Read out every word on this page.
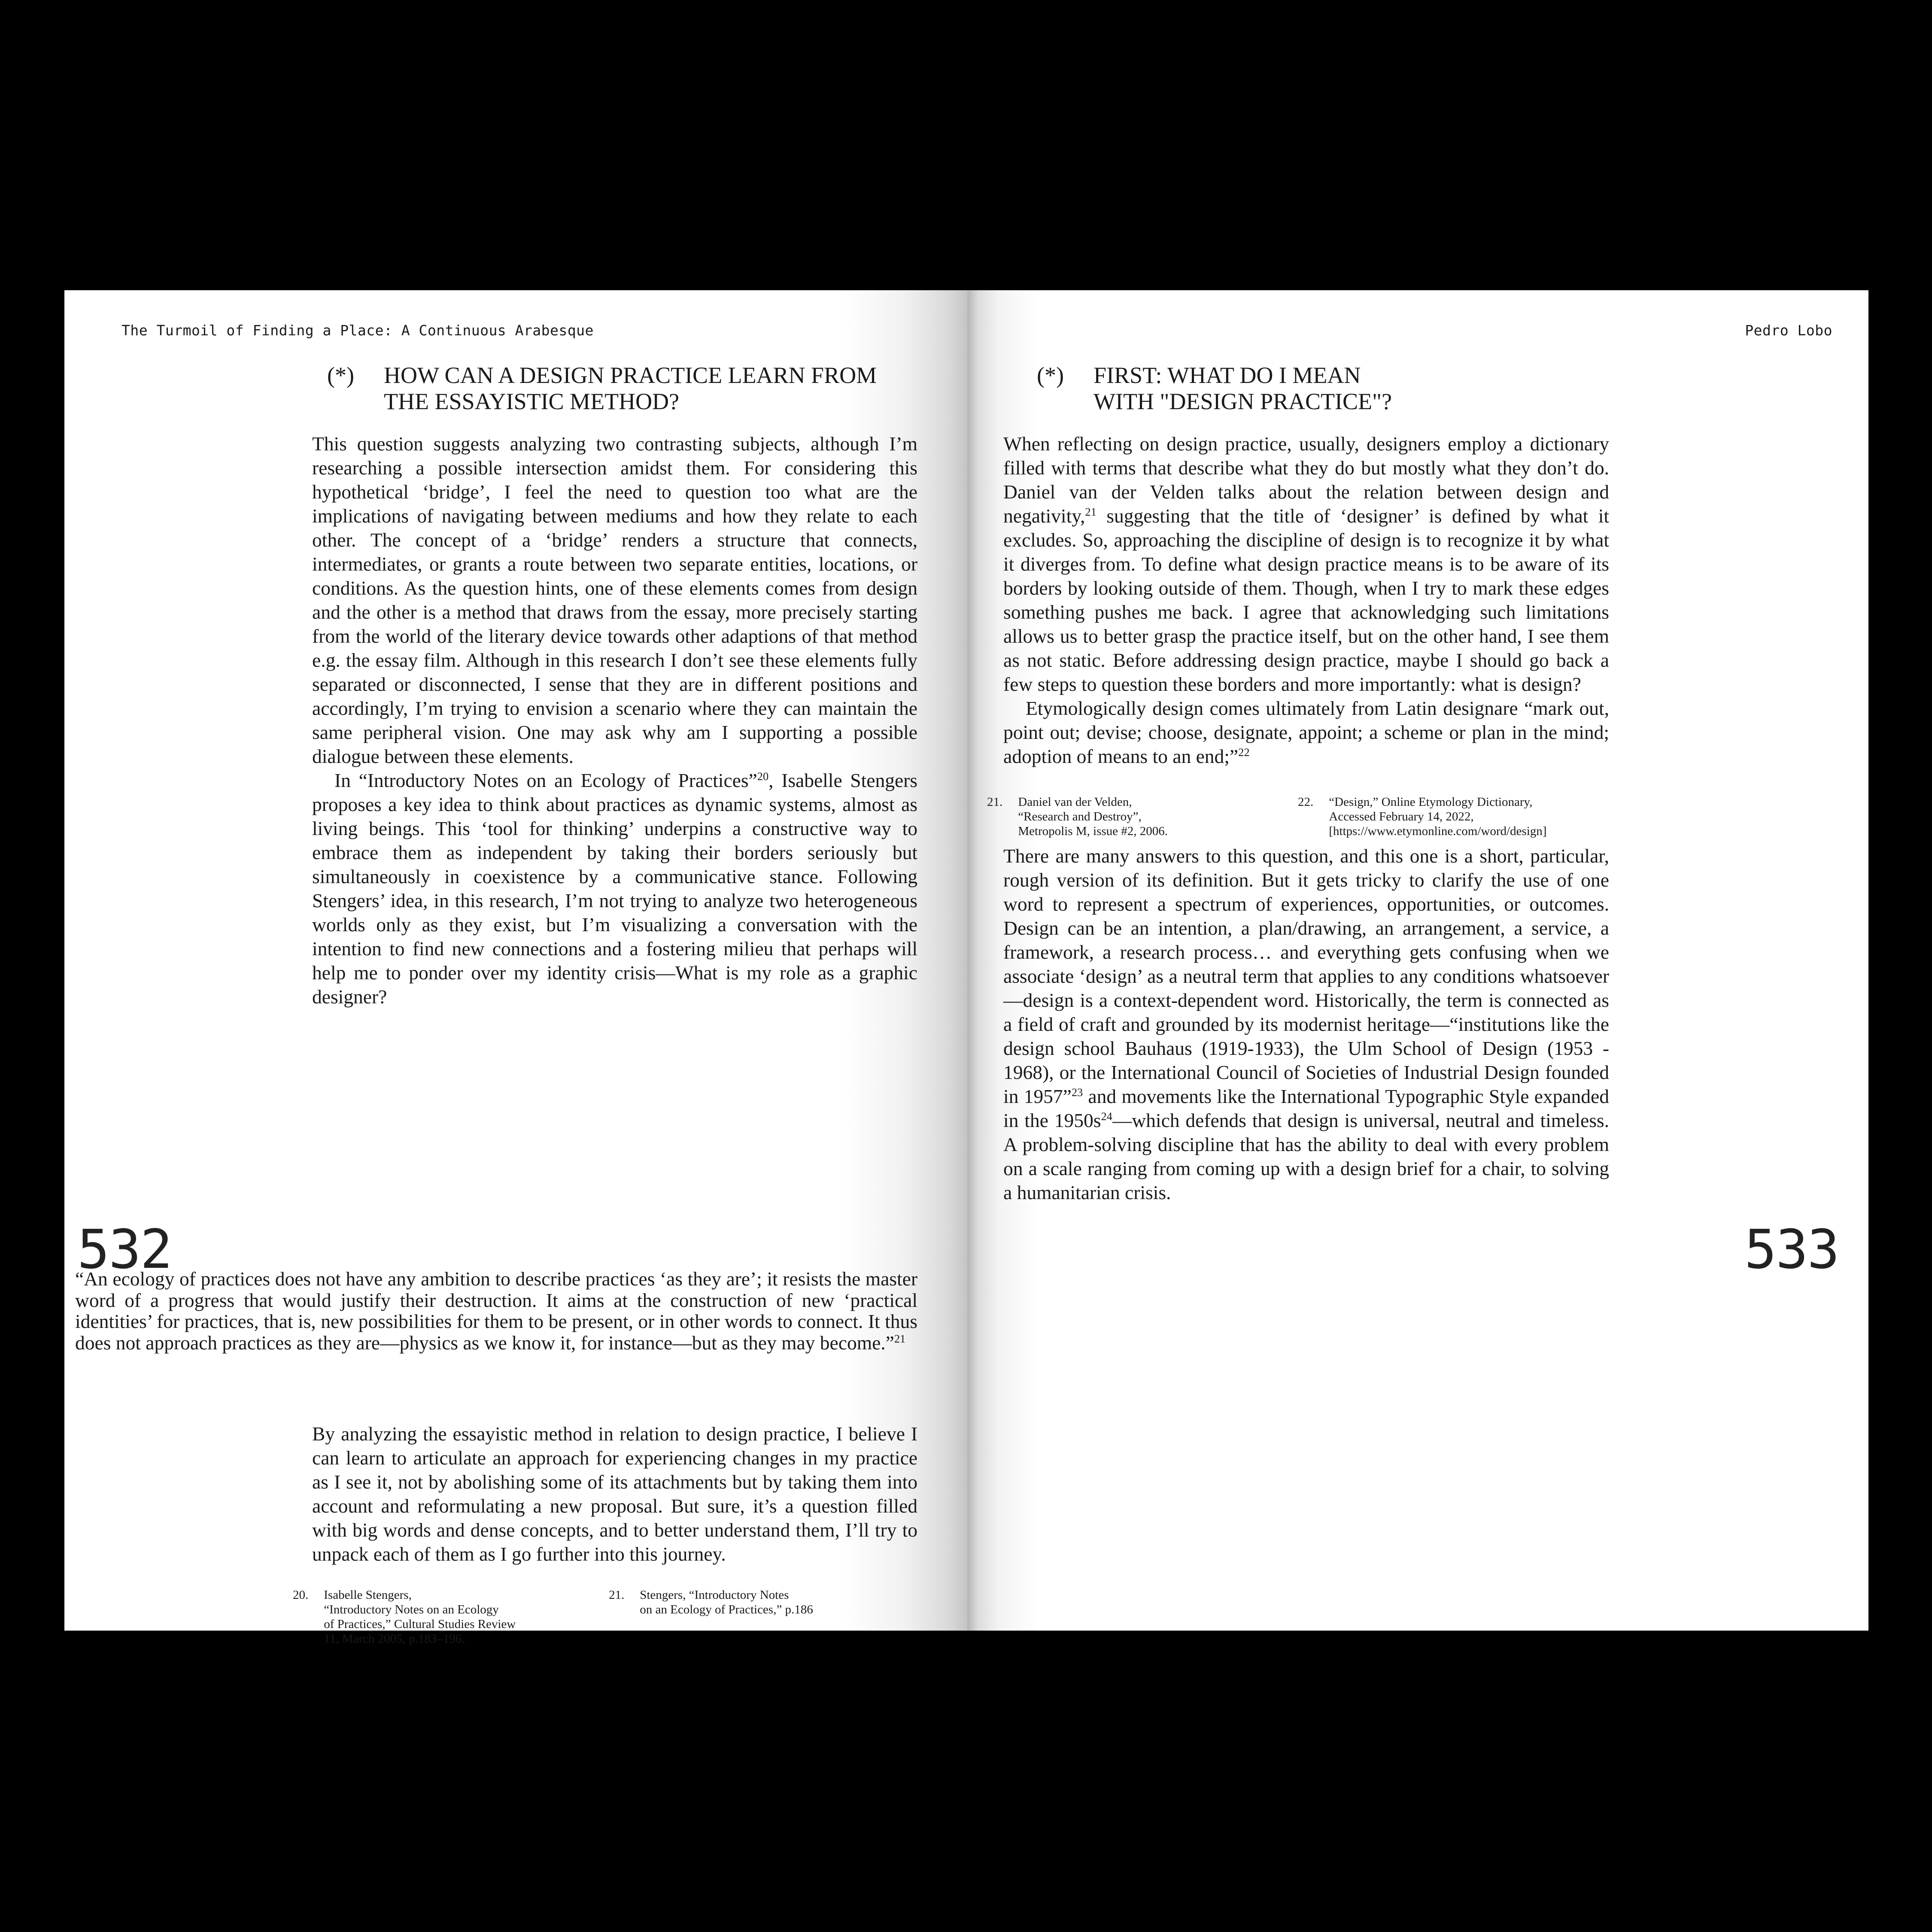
The Turmoil of Finding a Place: A Continuous Arabesque
532
(*)	HOW CAN A DESIGN PRACTICE LEARN FROM
THE ESSAYISTIC METHOD?

This question suggests analyzing two contrasting subjects, although I’m researching a possible intersection amidst them. For considering this hypothetical ‘bridge’, I feel the need to question too what are the implications of navigating between mediums and how they relate to each other. The concept of a ‘bridge’ renders a structure that connects, intermediates, or grants a route between two separate entities, locations, or conditions. As the question hints, one of these elements comes from design and the other is a method that draws from the essay, more precisely starting from the world of the literary device towards other adaptions of that method e.g. the essay film. Although in this research I don’t see these elements fully separated or disconnected, I sense that they are in different positions and accordingly, I’m trying to envision a scenario where they can maintain the same peripheral vision. One may ask why am I supporting a possible dialogue between these elements.

In “Introductory Notes on an Ecology of Practices”$^{20}$, Isabelle Stengers proposes a key idea to think about practices as dynamic systems, almost as living beings. This ‘tool for thinking’ underpins a constructive way to embrace them as independent by taking their borders seriously but simultaneously in coexistence by a communicative stance. Following Stengers’ idea, in this research, I’m not trying to analyze two heterogeneous worlds only as they exist, but I’m visualizing a conversation with the intention to find new connections and a fostering milieu that perhaps will help me to ponder over my identity crisis—What is my role as a graphic designer?

“An ecology of practices does not have any ambition to describe practices ‘as they are’; it resists the master word of a progress that would justify their destruction. It aims at the construction of new ‘practical identities’ for practices, that is, new possibilities for them to be present, or in other words to connect. It thus does not approach practices as they are—physics as we know it, for instance—but as they may become.”$^{21}$

By analyzing the essayistic method in relation to design practice, I believe I can learn to articulate an approach for experiencing changes in my practice as I see it, not by abolishing some of its attachments but by taking them into account and reformulating a new proposal. But sure, it’s a question filled with big words and dense concepts, and to better understand them, I’ll try to unpack each of them as I go further into this journey.

20. Isabelle Stengers,
“Introductory Notes on an Ecology
of Practices,” Cultural Studies Review
11, March 2005, p.183–196.
21. Stengers, “Introductory Notes
on an Ecology of Practices,” p.186
Pedro Lobo
533
(*)	FIRST: WHAT DO I MEAN
WITH "DESIGN PRACTICE"?

When reflecting on design practice, usually, designers employ a dictionary filled with terms that describe what they do but mostly what they don’t do. Daniel van der Velden talks about the relation between design and negativity,$^{21}$ suggesting that the title of ‘designer’ is defined by what it excludes. So, approaching the discipline of design is to recognize it by what it diverges from. To define what design practice means is to be aware of its borders by looking outside of them. Though, when I try to mark these edges something pushes me back. I agree that acknowledging such limitations allows us to better grasp the practice itself, but on the other hand, I see them as not static. Before addressing design practice, maybe I should go back a few steps to question these borders and more importantly: what is design?

Etymologically design comes ultimately from Latin designare “mark out, point out; devise; choose, designate, appoint; a scheme or plan in the mind; adoption of means to an end;”$^{22}$

21. Daniel van der Velden,
“Research and Destroy”,
Metropolis M, issue #2, 2006.
22. “Design,” Online Etymology Dictionary,
Accessed February 14, 2022,
[https://www.etymonline.com/word/design]

There are many answers to this question, and this one is a short, particular, rough version of its definition. But it gets tricky to clarify the use of one word to represent a spectrum of experiences, opportunities, or outcomes. Design can be an intention, a plan/drawing, an arrangement, a service, a framework, a research process… and everything gets confusing when we associate ‘design’ as a neutral term that applies to any conditions whatsoever—design is a context-dependent word. Historically, the term is connected as a field of craft and grounded by its modernist heritage—“institutions like the design school Bauhaus (1919-1933), the Ulm School of Design (1953 - 1968), or the International Council of Societies of Industrial Design founded in 1957”$^{23}$ and movements like the International Typographic Style expanded in the $1950s^{24}—which$ defends that design is universal, neutral and timeless. A problem-solving discipline that has the ability to deal with every problem on a scale ranging from coming up with a design brief for a chair, to solving a humanitarian crisis.
